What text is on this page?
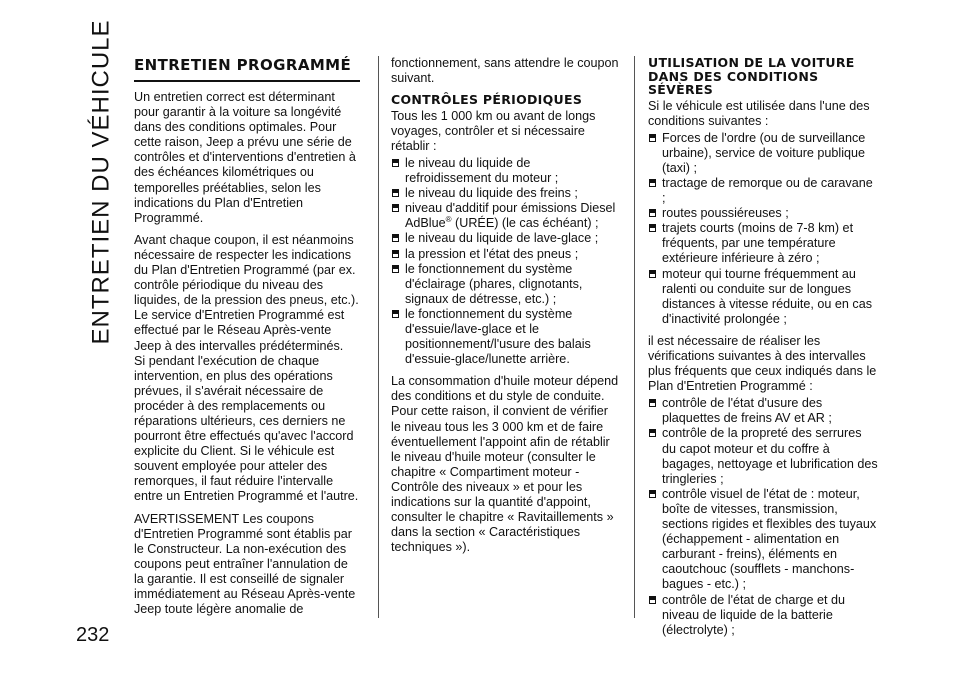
ENTRETIEN DU VÉHICULE
232
ENTRETIEN PROGRAMMÉ

Un entretien correct est déterminant pour garantir à la voiture sa longévité dans des conditions optimales. Pour cette raison, Jeep a prévu une série de contrôles et d'interventions d'entretien à des échéances kilométriques ou temporelles préétablies, selon les indications du Plan d'Entretien Programmé.

Avant chaque coupon, il est néanmoins nécessaire de respecter les indications du Plan d'Entretien Programmé (par ex. contrôle périodique du niveau des liquides, de la pression des pneus, etc.).

Le service d'Entretien Programmé est effectué par le Réseau Après-vente Jeep à des intervalles prédéterminés.

Si pendant l'exécution de chaque intervention, en plus des opérations prévues, il s'avérait nécessaire de procéder à des remplacements ou réparations ultérieurs, ces derniers ne pourront être effectués qu'avec l'accord explicite du Client. Si le véhicule est souvent employée pour atteler des remorques, il faut réduire l'intervalle entre un Entretien Programmé et l'autre.

AVERTISSEMENT Les coupons d'Entretien Programmé sont établis par le Constructeur. La non-exécution des coupons peut entraîner l'annulation de la garantie. Il est conseillé de signaler immédiatement au Réseau Après-vente Jeep toute légère anomalie de

fonctionnement, sans attendre le coupon suivant.

CONTRÔLES PÉRIODIQUES

Tous les 1 000 km ou avant de longs voyages, contrôler et si nécessaire rétablir :

le niveau du liquide de refroidissement du moteur ;
le niveau du liquide des freins ;
niveau d'additif pour émissions Diesel AdBlue® (URÉE) (le cas échéant) ;
le niveau du liquide de lave-glace ;
la pression et l'état des pneus ;
le fonctionnement du système d'éclairage (phares, clignotants, signaux de détresse, etc.) ;
le fonctionnement du système d'essuie/lave-glace et le positionnement/l'usure des balais d'essuie-glace/lunette arrière.

La consommation d'huile moteur dépend des conditions et du style de conduite. Pour cette raison, il convient de vérifier le niveau tous les 3 000 km et de faire éventuellement l'appoint afin de rétablir le niveau d'huile moteur (consulter le chapitre « Compartiment moteur - Contrôle des niveaux » et pour les indications sur la quantité d'appoint, consulter le chapitre « Ravitaillements » dans la section « Caractéristiques techniques »).

UTILISATION DE LA VOITURE DANS DES CONDITIONS SÉVÈRES

Si le véhicule est utilisée dans l'une des conditions suivantes :

Forces de l'ordre (ou de surveillance urbaine), service de voiture publique (taxi) ;
tractage de remorque ou de caravane ;
routes poussiéreuses ;
trajets courts (moins de 7-8 km) et fréquents, par une température extérieure inférieure à zéro ;
moteur qui tourne fréquemment au ralenti ou conduite sur de longues distances à vitesse réduite, ou en cas d'inactivité prolongée ;

il est nécessaire de réaliser les vérifications suivantes à des intervalles plus fréquents que ceux indiqués dans le Plan d'Entretien Programmé :

contrôle de l'état d'usure des plaquettes de freins AV et AR ;
contrôle de la propreté des serrures du capot moteur et du coffre à bagages, nettoyage et lubrification des tringleries ;
contrôle visuel de l'état de : moteur, boîte de vitesses, transmission, sections rigides et flexibles des tuyaux (échappement - alimentation en carburant - freins), éléments en caoutchouc (soufflets - manchons-bagues - etc.) ;
contrôle de l'état de charge et du niveau de liquide de la batterie (électrolyte) ;
